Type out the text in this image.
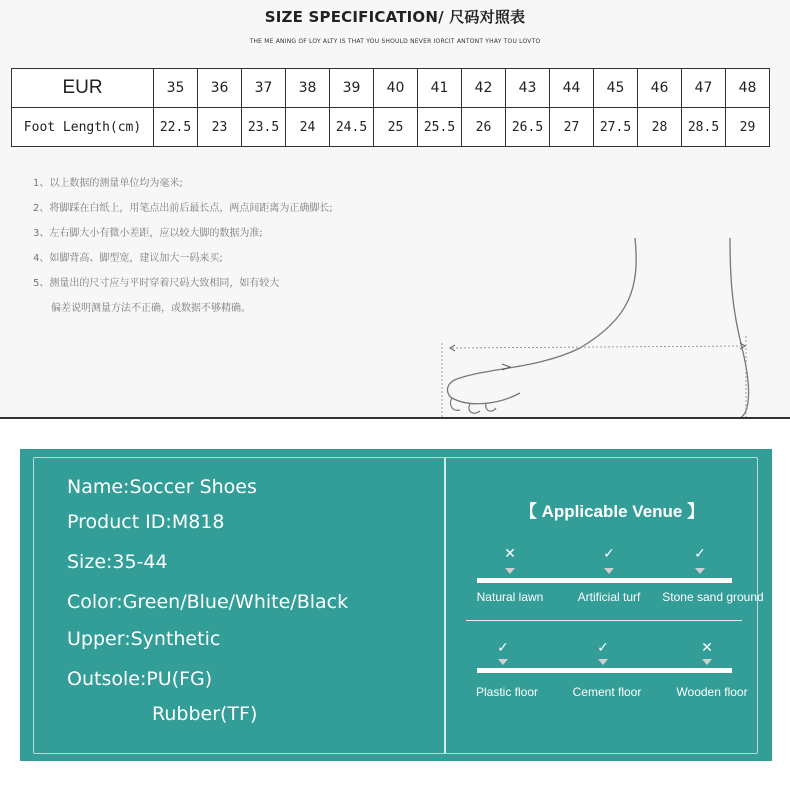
SIZE SPECIFICATION/ 尺码对照表
THE ME ANING OF LOY ALTY IS THAT YOU SHOULD NEVER IORCIT ANTONT YHAY TOU LOVTO
EUR	35	36	37	38	39	40	41	42	43	44	45	46	47	48
Foot Length(cm)	22.5	23	23.5	24	24.5	25	25.5	26	26.5	27	27.5	28	28.5	29
1、以上数据的测量单位均为毫米;
2、将脚踩在白纸上，用笔点出前后最长点，两点间距离为正确脚长;
3、左右脚大小有微小差距，应以较大脚的数据为准;
4、如脚背高、脚型宽，建议加大一码来买;
5、测量出的尺寸应与平时穿着尺码大致相同，如有较大
偏差说明测量方法不正确，或数据不够精确。
Name:Soccer Shoes
Product ID:M818
Size:35-44
Color:Green/Blue/White/Black
Upper:Synthetic
Outsole:PU(FG)
Rubber(TF)
【 Applicable Venue 】
✕	✓	✓
Natural lawn	Artificial turf	Stone sand ground
✓	✓	✕
Plastic floor	Cement floor	Wooden floor
